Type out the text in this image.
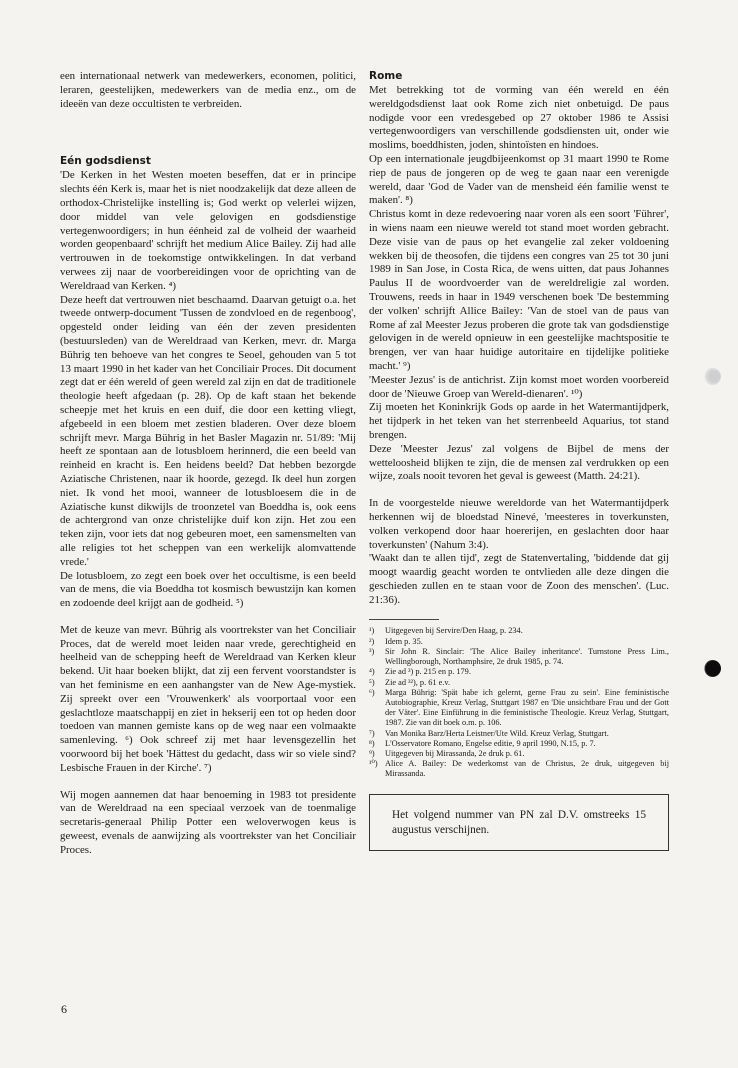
een internationaal netwerk van medewerkers, economen, politici, leraren, geestelijken, medewerkers van de media enz., om de ideeën van deze occultisten te verbreiden.

Eén godsdienst

'De Kerken in het Westen moeten beseffen, dat er in principe slechts één Kerk is, maar het is niet noodzakelijk dat deze alleen de orthodox-Christelijke instelling is; God werkt op velerlei wijzen, door middel van vele gelovigen en godsdienstige vertegenwoordigers; in hun éénheid zal de volheid der waarheid worden geopenbaard' schrijft het medium Alice Bailey. Zij had alle vertrouwen in de toekomstige ontwikkelingen. In dat verband verwees zij naar de voorbereidingen voor de oprichting van de Wereldraad van Kerken. ⁴)

Deze heeft dat vertrouwen niet beschaamd. Daarvan getuigt o.a. het tweede ontwerp-document 'Tussen de zondvloed en de regenboog', opgesteld onder leiding van één der zeven presidenten (bestuursleden) van de Wereldraad van Kerken, mevr. dr. Marga Bührig ten behoeve van het congres te Seoel, gehouden van 5 tot 13 maart 1990 in het kader van het Conciliair Proces. Dit document zegt dat er één wereld of geen wereld zal zijn en dat de traditionele theologie heeft afgedaan (p. 28). Op de kaft staan het bekende scheepje met het kruis en een duif, die door een ketting vliegt, afgebeeld in een bloem met zestien bladeren. Over deze bloem schrijft mevr. Marga Bührig in het Basler Magazin nr. 51/89: 'Mij heeft ze spontaan aan de lotusbloem herinnerd, die een beeld van reinheid en kracht is. Een heidens beeld? Dat hebben bezorgde Aziatische Christenen, naar ik hoorde, gezegd. Ik deel hun zorgen niet. Ik vond het mooi, wanneer de lotusbloesem die in de Aziatische kunst dikwijls de troonzetel van Boeddha is, ook eens de achtergrond van onze christelijke duif kon zijn. Het zou een teken zijn, voor iets dat nog gebeuren moet, een samensmelten van alle religies tot het scheppen van een werkelijk alomvattende vrede.'

De lotusbloem, zo zegt een boek over het occultisme, is een beeld van de mens, die via Boeddha tot kosmisch bewustzijn kan komen en zodoende deel krijgt aan de godheid. ⁵)

Met de keuze van mevr. Bührig als voortrekster van het Conciliair Proces, dat de wereld moet leiden naar vrede, gerechtigheid en heelheid van de schepping heeft de Wereldraad van Kerken kleur bekend. Uit haar boeken blijkt, dat zij een fervent voorstandster is van het feminisme en een aanhangster van de New Age-mystiek. Zij spreekt over een 'Vrouwenkerk' als voorportaal voor een geslachtloze maatschappij en ziet in hekserij een tot op heden door toedoen van mannen gemiste kans op de weg naar een volmaakte samenleving. ⁶) Ook schreef zij met haar levensgezellin het voorwoord bij het boek 'Hättest du gedacht, dass wir so viele sind? Lesbische Frauen in der Kirche'. ⁷)

Wij mogen aannemen dat haar benoeming in 1983 tot presidente van de Wereldraad na een speciaal verzoek van de toenmalige secretaris-generaal Philip Potter een weloverwogen keus is geweest, evenals de aanwijzing als voortrekster van het Conciliair Proces.

Rome

Met betrekking tot de vorming van één wereld en één wereldgodsdienst laat ook Rome zich niet onbetuigd. De paus nodigde voor een vredesgebed op 27 oktober 1986 te Assisi vertegenwoordigers van verschillende godsdiensten uit, onder wie moslims, boeddhisten, joden, shintoïsten en hindoes.

Op een internationale jeugdbijeenkomst op 31 maart 1990 te Rome riep de paus de jongeren op de weg te gaan naar een verenigde wereld, daar 'God de Vader van de mensheid één familie wenst te maken'. ⁸)

Christus komt in deze redevoering naar voren als een soort 'Führer', in wiens naam een nieuwe wereld tot stand moet worden gebracht. Deze visie van de paus op het evangelie zal zeker voldoening wekken bij de theosofen, die tijdens een congres van 25 tot 30 juni 1989 in San Jose, in Costa Rica, de wens uitten, dat paus Johannes Paulus II de woordvoerder van de wereldreligie zal worden. Trouwens, reeds in haar in 1949 verschenen boek 'De bestemming der volken' schrijft Allice Bailey: 'Van de stoel van de paus van Rome af zal Meester Jezus proberen die grote tak van godsdienstige gelovigen in de wereld opnieuw in een geestelijke machtspositie te brengen, ver van haar huidige autoritaire en tijdelijke politieke macht.' ⁹)

'Meester Jezus' is de antichrist. Zijn komst moet worden voorbereid door de 'Nieuwe Groep van Wereld-dienaren'. ¹⁰)

Zij moeten het Koninkrijk Gods op aarde in het Watermantijdperk, het tijdperk in het teken van het sterrenbeeld Aquarius, tot stand brengen.

Deze 'Meester Jezus' zal volgens de Bijbel de mens der wetteloosheid blijken te zijn, die de mensen zal verdrukken op een wijze, zoals nooit tevoren het geval is geweest (Matth. 24:21).

In de voorgestelde nieuwe wereldorde van het Watermantijdperk herkennen wij de bloedstad Ninevé, 'meesteres in toverkunsten, volken verkopend door haar hoererijen, en geslachten door haar toverkunsten' (Nahum 3:4).

'Waakt dan te allen tijd', zegt de Statenvertaling, 'biddende dat gij moogt waardig geacht worden te ontvlieden alle deze dingen die geschieden zullen en te staan voor de Zoon des menschen'. (Luc. 21:36).

¹)	Uitgegeven bij Servire/Den Haag, p. 234.
²)	Idem p. 35.
³)	Sir John R. Sinclair: 'The Alice Bailey inheritance'. Turnstone Press Lim., Wellingborough, Northamphsire, 2e druk 1985, p. 74.
⁴)	Zie ad ³) p. 215 en p. 179.
⁵)	Zie ad ³²), p. 61 e.v.
⁶)	Marga Bührig: 'Spät habe ich gelernt, gerne Frau zu sein'. Eine feministische Autobiographie, Kreuz Verlag, Stuttgart 1987 en 'Die unsichtbare Frau und der Gott der Väter'. Eine Einführung in die feministische Theologie. Kreuz Verlag, Stuttgart, 1987. Zie van dit boek o.m. p. 106.
⁷)	Van Monika Barz/Herta Leistner/Ute Wild. Kreuz Verlag, Stuttgart.
⁸)	L'Osservatore Romano, Engelse editie, 9 april 1990, N.15, p. 7.
⁹)	Uitgegeven bij Mirassanda, 2e druk p. 61.
¹⁰) Alice A. Bailey: De wederkomst van de Christus, 2e druk, uitgegeven bij Mirassanda.
Het volgend nummer van PN zal D.V. omstreeks 15 augustus verschijnen.
6
